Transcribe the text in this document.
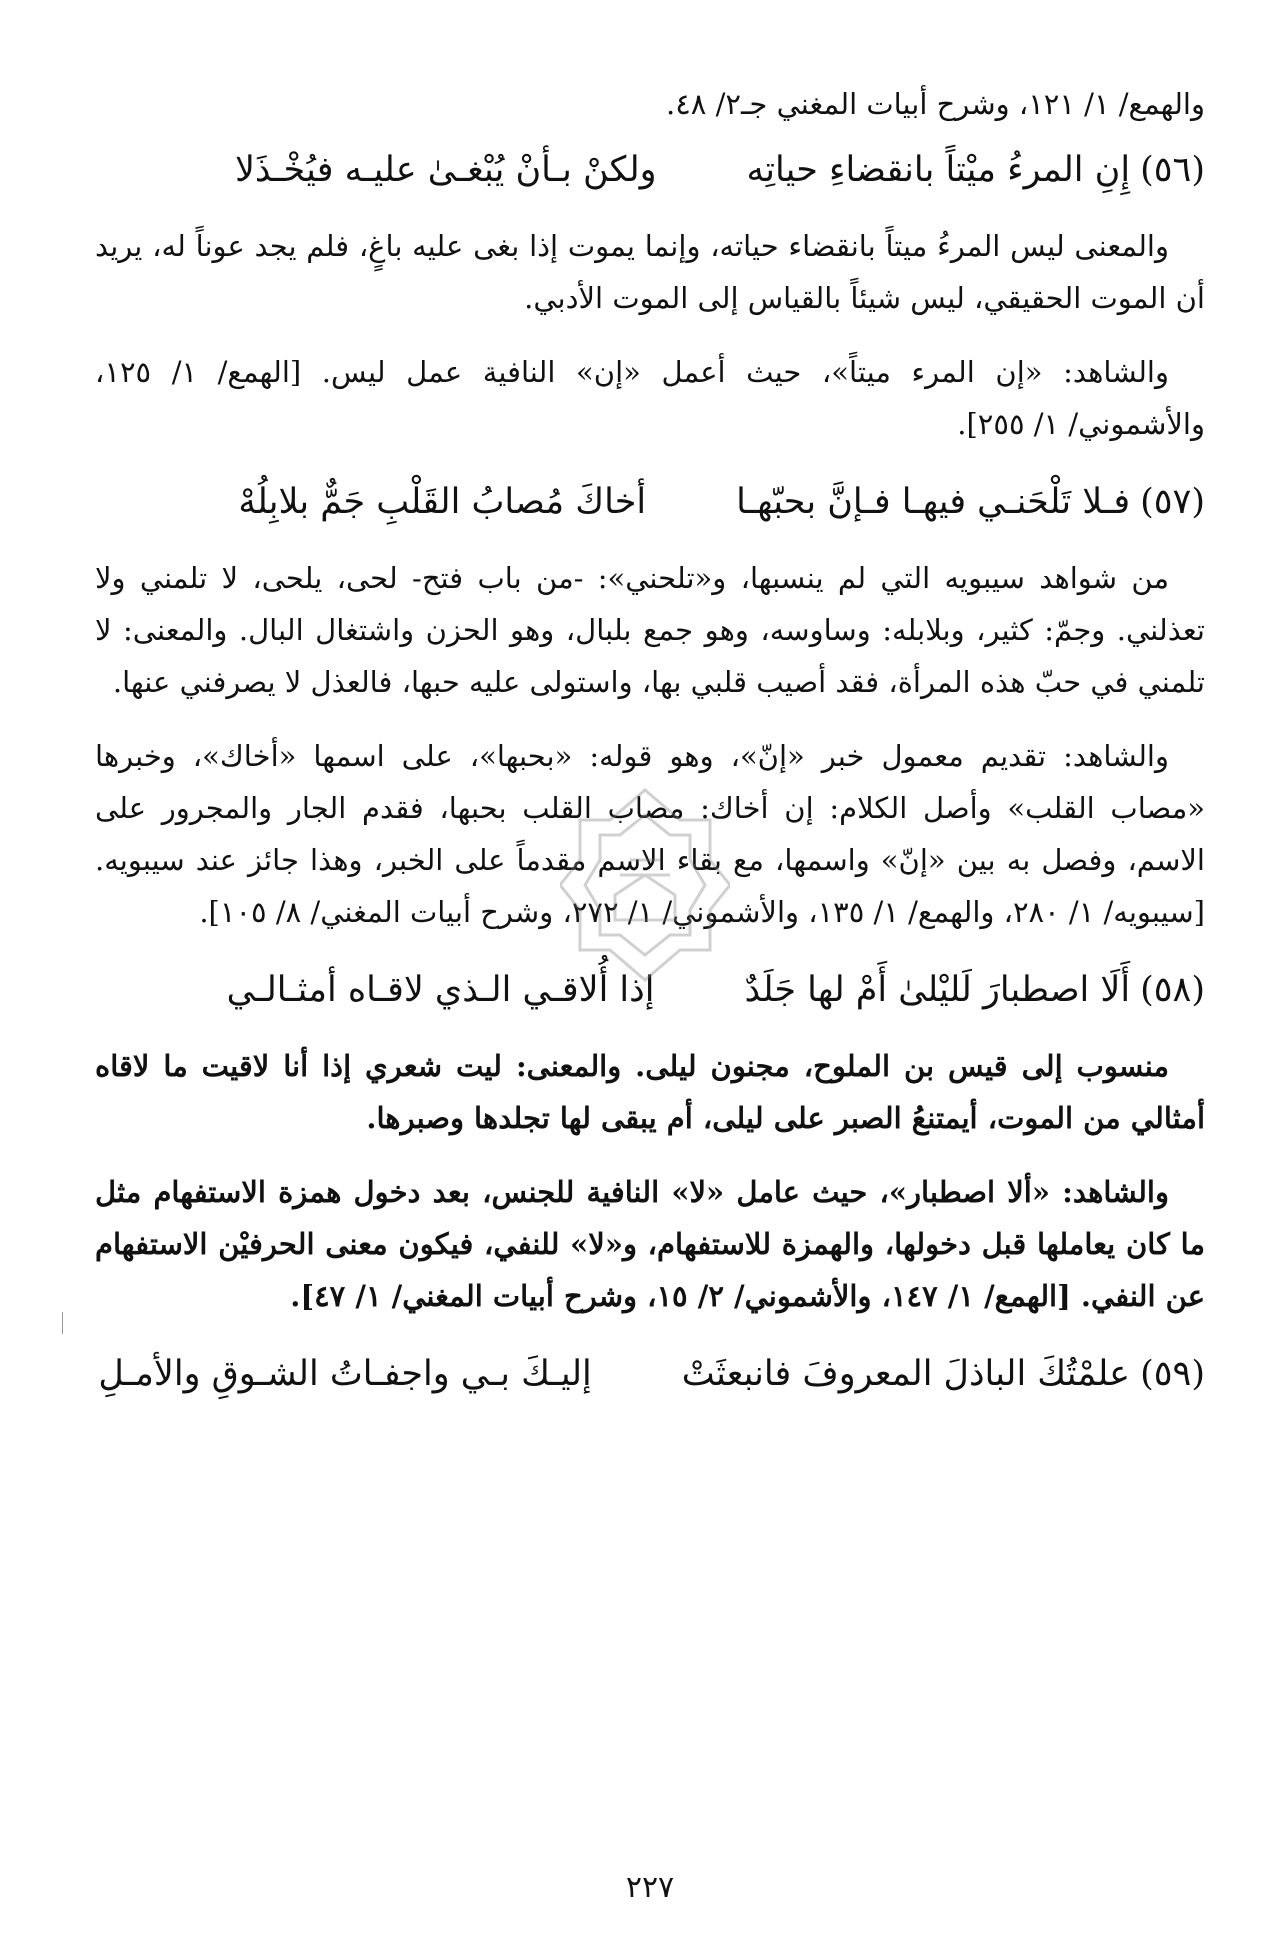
والهمع/ ١/ ١٢١، وشرح أبيات المغني جـ٢/ ٤٨.
(٥٦)
إِنِ المرءُ ميْتاً بانقضاءِ حياتِه
ولكنْ بـأنْ يُبْغـىٰ عليـه فيُخْـذَلا

والمعنى ليس المرءُ ميتاً بانقضاء حياته، وإنما يموت إذا بغى عليه باغٍ، فلم يجد عوناً له، يريد أن الموت الحقيقي، ليس شيئاً بالقياس إلى الموت الأدبي.

والشاهد: «إن المرء ميتاً»، حيث أعمل «إن» النافية عمل ليس. [الهمع/ ١/ ١٢٥، والأشموني/ ١/ ٢٥٥].

(٥٧)
فـلا تَلْحَنـي فيهـا فـإنَّ بحبّهـا
أخاكَ مُصابُ القَلْبِ جَمٌّ بلابِلُهْ

من شواهد سيبويه التي لم ينسبها، و«تلحني»: -من باب فتح- لحى، يلحى، لا تلمني ولا تعذلني. وجمّ: كثير، وبلابله: وساوسه، وهو جمع بلبال، وهو الحزن واشتغال البال. والمعنى: لا تلمني في حبّ هذه المرأة، فقد أصيب قلبي بها، واستولى عليه حبها، فالعذل لا يصرفني عنها.

والشاهد: تقديم معمول خبر «إنّ»، وهو قوله: «بحبها»، على اسمها «أخاك»، وخبرها «مصاب القلب» وأصل الكلام: إن أخاك: مصاب القلب بحبها، فقدم الجار والمجرور على الاسم، وفصل به بين «إنّ» واسمها، مع بقاء الاسم مقدماً على الخبر، وهذا جائز عند سيبويه. [سيبويه/ ١/ ٢٨٠، والهمع/ ١/ ١٣٥، والأشموني/ ١/ ٢٧٢، وشرح أبيات المغني/ ٨/ ١٠٥].

(٥٨)
أَلَا اصطبارَ لَليْلىٰ أَمْ لها جَلَدٌ
إذا أُلاقـي الـذي لاقـاه أمثـالـي

منسوب إلى قيس بن الملوح، مجنون ليلى. والمعنى: ليت شعري إذا أنا لاقيت ما لاقاه أمثالي من الموت، أيمتنعُ الصبر على ليلى، أم يبقى لها تجلدها وصبرها.

والشاهد: «ألا اصطبار»، حيث عامل «لا» النافية للجنس، بعد دخول همزة الاستفهام مثل ما كان يعاملها قبل دخولها، والهمزة للاستفهام، و«لا» للنفي، فيكون معنى الحرفيْن الاستفهام عن النفي. [الهمع/ ١/ ١٤٧، والأشموني/ ٢/ ١٥، وشرح أبيات المغني/ ١/ ٤٧].

(٥٩)
علمْتُكَ الباذلَ المعروفَ فانبعثَتْ
إليـكَ بـي واجفـاتُ الشـوقِ والأمـلِ
٢٢٧
